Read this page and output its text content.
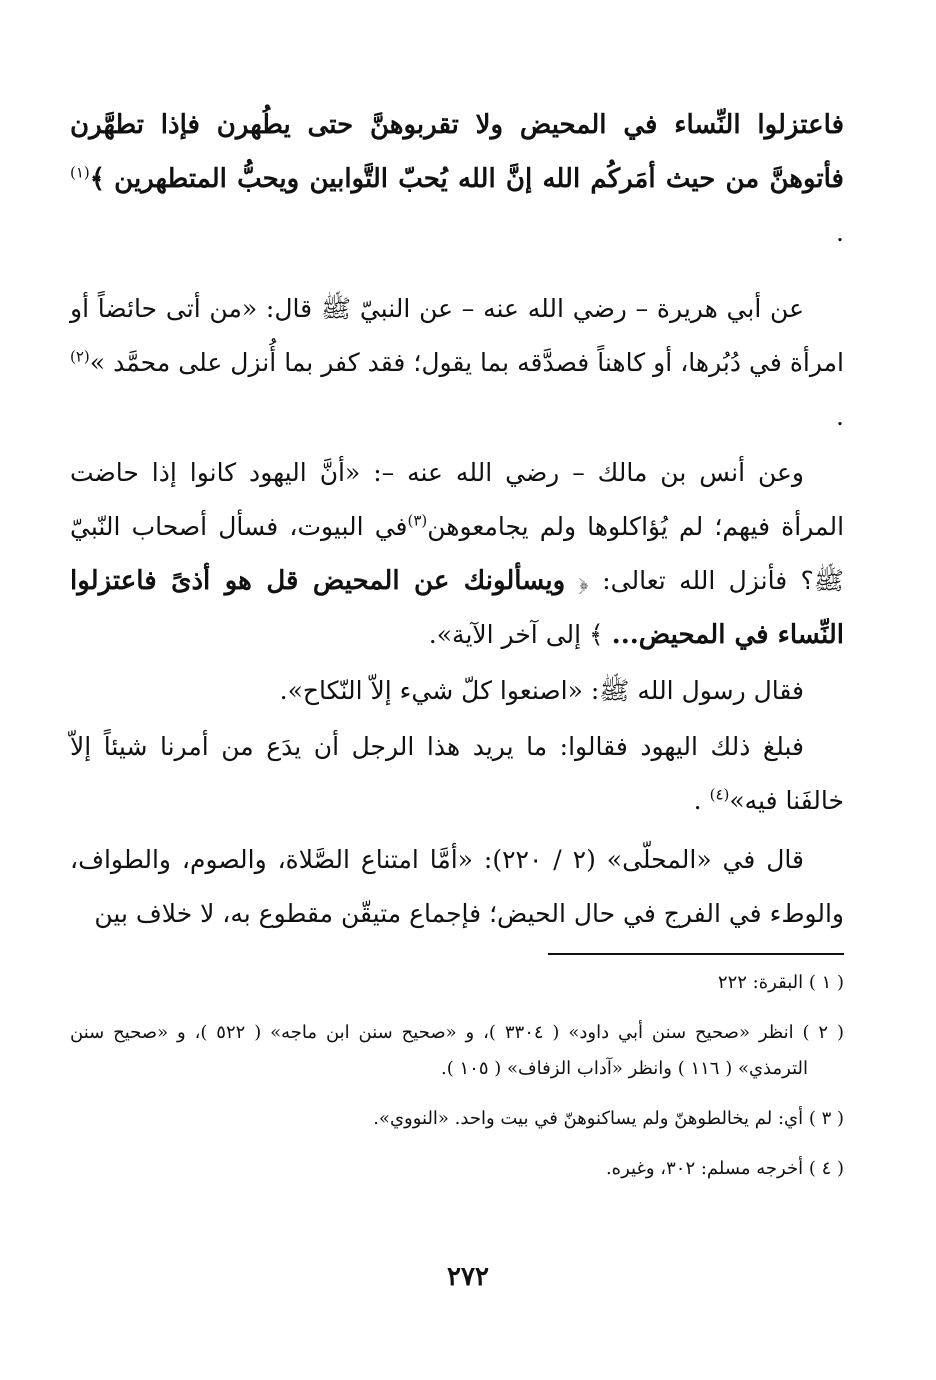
فاعتزلوا النِّساء في المحيض ولا تقربوهنَّ حتى يطُهرن فإذا تطهَّرن فأتوهنَّ من حيث أمَركُم الله إنَّ الله يُحبّ التَّوابين ويحبُّ المتطهرين ﴾$^{(١)}$ .

عن أبي هريرة – رضي الله عنه – عن النبيّ ﷺ قال: «من أتى حائضاً أو امرأة في دُبُرها، أو كاهناً فصدَّقه بما يقول؛ فقد كفر بما أُنزل على محمَّد »$^{(٢)}$ .

وعن أنس بن مالك – رضي الله عنه –: «أنَّ اليهود كانوا إذا حاضت المرأة فيهم؛ لم يُؤاكلوها ولم يجامعوهن$^{(٣)}$في البيوت، فسأل أصحاب النّبيّ ﷺ؟ فأنزل الله تعالى: ﴿ ويسألونك عن المحيض قل هو أذىً فاعتزلوا النِّساء في المحيض... ﴾ إلى آخر الآية».

فقال رسول الله ﷺ: «اصنعوا كلّ شيء إلاّ النّكاح».

فبلغ ذلك اليهود فقالوا: ما يريد هذا الرجل أن يدَع من أمرنا شيئاً إلاّ خالفَنا فيه»$^{(٤)}$ .

قال في «المحلّى» (٢ / ٢٢٠): «أمَّا امتناع الصَّلاة، والصوم، والطواف، والوطء في الفرج في حال الحيض؛ فإجماع متيقّن مقطوع به، لا خلاف بين

( ١ ) البقرة: ٢٢٢

( ٢ ) انظر «صحيح سنن أبي داود» ( ٣٣٠٤ )، و «صحيح سنن ابن ماجه» ( ٥٢٢ )، و «صحيح سنن الترمذي» ( ١١٦ ) وانظر «آداب الزفاف» ( ١٠٥ ).

( ٣ ) أي: لم يخالطوهنّ ولم يساكنوهنّ في بيت واحد. «النووي».

( ٤ ) أخرجه مسلم: ٣٠٢، وغيره.

٢٧٢
